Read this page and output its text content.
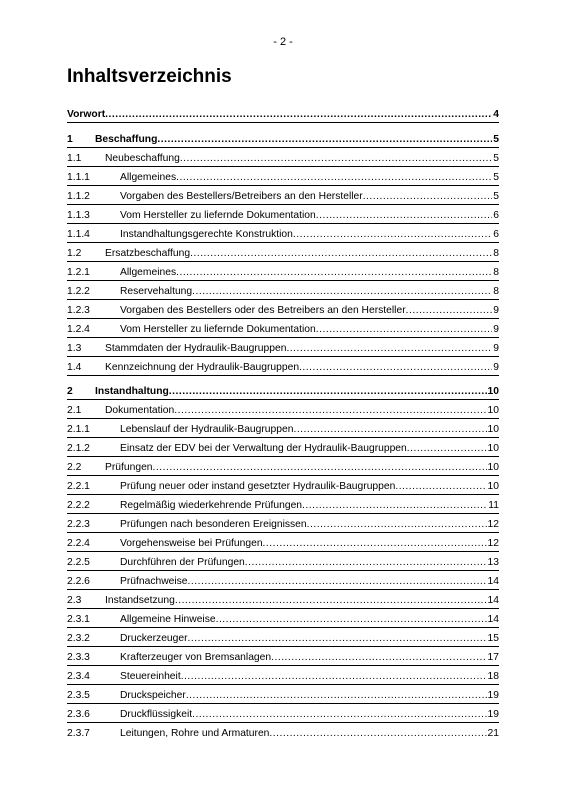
- 2 -
Inhaltsverzeichnis
Vorwort .....	4
1 Beschaffung .....	5
1.1 Neubeschaffung .....	5
1.1.1	Allgemeines .....	5
1.1.2	Vorgaben des Bestellers/Betreibers an den Hersteller .....	5
1.1.3	Vom Hersteller zu liefernde Dokumentation .....	6
1.1.4	Instandhaltungsgerechte Konstruktion .....	6
1.2 Ersatzbeschaffung .....	8
1.2.1	Allgemeines .....	8
1.2.2	Reservehaltung .....	8
1.2.3	Vorgaben des Bestellers oder des Betreibers an den Hersteller .....	9
1.2.4	Vom Hersteller zu liefernde Dokumentation .....	9
1.3 Stammdaten der Hydraulik-Baugruppen .....	9
1.4 Kennzeichnung der Hydraulik-Baugruppen .....	9
2 Instandhaltung .....	10
2.1 Dokumentation .....	10
2.1.1	Lebenslauf der Hydraulik-Baugruppen .....	10
2.1.2	Einsatz der EDV bei der Verwaltung der Hydraulik-Baugruppen .....	10
2.2 Prüfungen .....	10
2.2.1	Prüfung neuer oder instand gesetzter Hydraulik-Baugruppen .....	10
2.2.2	Regelmäßig wiederkehrende Prüfungen .....	11
2.2.3	Prüfungen nach besonderen Ereignissen .....	12
2.2.4	Vorgehensweise bei Prüfungen .....	12
2.2.5	Durchführen der Prüfungen .....	13
2.2.6	Prüfnachweise .....	14
2.3 Instandsetzung .....	14
2.3.1	Allgemeine Hinweise .....	14
2.3.2	Druckerzeuger .....	15
2.3.3	Krafterzeuger von Bremsanlagen .....	17
2.3.4	Steuereinheit .....	18
2.3.5	Druckspeicher .....	19
2.3.6	Druckflüssigkeit .....	19
2.3.7	Leitungen, Rohre und Armaturen .....	21
